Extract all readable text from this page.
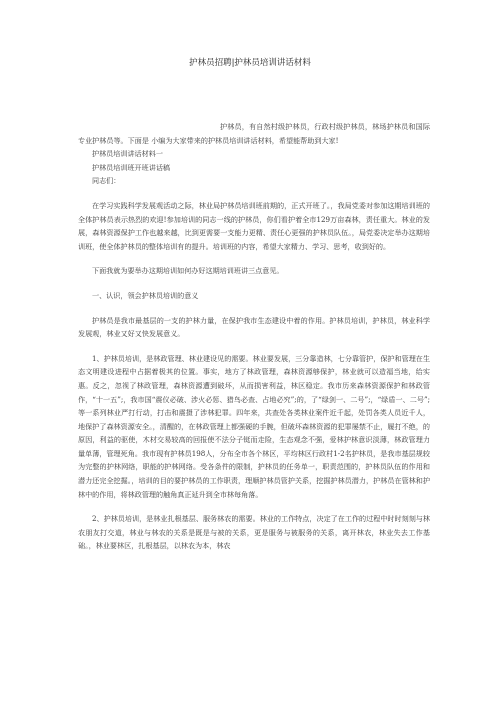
护林员招聘|护林员培训讲话材料

护林员，有自然村级护林员，行政村级护林员，林场护林员和国际专业护林员等。下面是 小编为大家带来的护林员培训讲话材料，希望能帮助到大家!

护林员培训讲话材料一

护林员培训班开班讲话稿

同志们：

在学习实践科学发展观活动之际，林业局护林员培训班前期的，正式开班了。，我局党委对参加这期培训班的全体护林员表示热烈的欢迎!参加培训的同志一线的护林员，你们看护着全市129万亩森林，责任重大。林业的发展，森林资源保护工作也越来越，比到更需要一支能力更精、责任心更强的护林员队伍。，局党委决定举办这期培训班，使全体护林员的整体培训有的提升。培训班的内容，希望大家精力、学习、思考，收到好的。

下面我就为要举办这期培训如何办好这期培训班讲三点意见。

一、认识，领会护林员培训的意义

护林员是我市最基层的一支的护林力量，在保护我市生态建设中着的作用。护林员培训，护林员，林业科学发展观，林业又好又快发展意义。

1、护林员培训，是林政管理、林业建设见的需要。林业要发展，三分靠造林，七分靠管护，保护和管理在生态文明建设进程中占据着极其的位置。事实，地方了林政管理，森林资源够保护，林业就可以造福当地，给实惠。反之，忽视了林政管理，森林资源遭到破坏，从而损害利益，林区稳定。我市历来森林资源保护和林政管作，“十一五”;，我市国“震仪必破、涉火必惩、猎鸟必查、占地必究”;的，了“绿剑一、二号”;，“绿盾一、二号”;等一系列林业严打行动，打击和震摄了涉林犯罪。四年来，共查处各类林业案件近千起，处罚各类人员近千人，地保护了森林资源安全。，清醒的，在林政管理上都强硬的手腕，但破坏森林资源的犯罪屡禁不止，履打不绝，的原因，利益的驱使，木材交易较高的回报使不法分子铤而走险，生态观念不强，爱林护林意识淡薄，林政管理力量单薄，管理死角。我市现有护林员198人，分布全市各个林区，平均林区行政村1-2名护林员，是我市基层规较为完整的护林网络，职能的护林网络。受各条件的限制，护林员的任务单一，职责范围的，护林员队伍的作用和潜力还完全挖掘。，培训的目的要护林员的工作职责，理顺护林员管护关系，挖掘护林员潜力，护林员在管林和护林中的作用，将林政管理的触角真正延升到全市林每角落。

2、护林员培训，是林业扎根基层、服务林农的需要。林业的工作特点，决定了在工作的过程中时时刻刻与林农朋友打交道，林业与林农的关系是既是与被的关系，更是服务与被服务的关系，离开林农，林业失去工作基础。，林业要林区，扎根基层，以林农为本，林农
